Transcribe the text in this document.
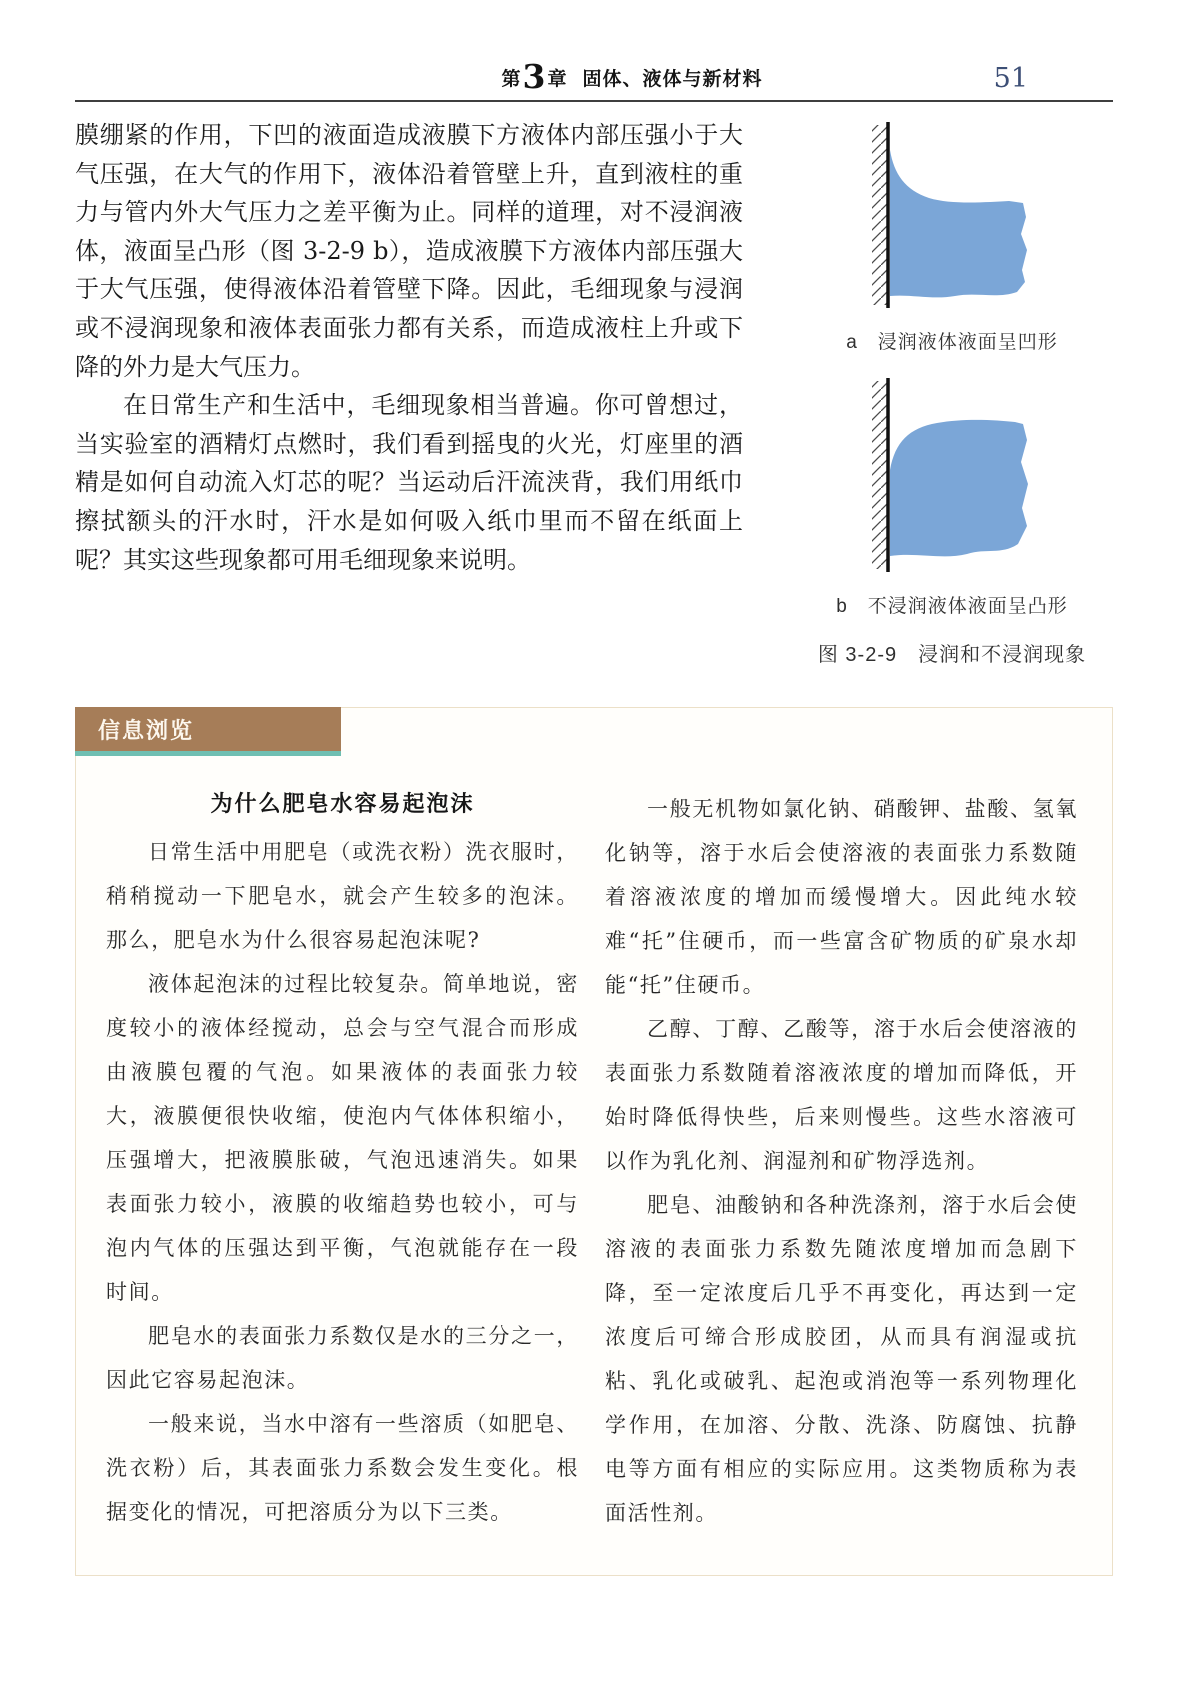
第3 章 固体、液体与新材料	51

膜绷紧的作用，下凹的液面造成液膜下方液体内部压强小于大气压强，在大气的作用下，液体沿着管壁上升，直到液柱的重力与管内外大气压力之差平衡为止。同样的道理，对不浸润液体，液面呈凸形（图 3-2-9 b），造成液膜下方液体内部压强大于大气压强，使得液体沿着管壁下降。因此，毛细现象与浸润或不浸润现象和液体表面张力都有关系，而造成液柱上升或下降的外力是大气压力。

在日常生产和生活中，毛细现象相当普遍。你可曾想过，当实验室的酒精灯点燃时，我们看到摇曳的火光，灯座里的酒精是如何自动流入灯芯的呢？当运动后汗流浃背，我们用纸巾擦拭额头的汗水时，汗水是如何吸入纸巾里而不留在纸面上呢？其实这些现象都可用毛细现象来说明。

a 浸润液体液面呈凹形
b 不浸润液体液面呈凸形
图 3-2-9　浸润和不浸润现象
信息浏览
为什么肥皂水容易起泡沫

日常生活中用肥皂（或洗衣粉）洗衣服时，稍稍搅动一下肥皂水，就会产生较多的泡沫。那么，肥皂水为什么很容易起泡沫呢?

液体起泡沫的过程比较复杂。简单地说，密度较小的液体经搅动，总会与空气混合而形成由液膜包覆的气泡。如果液体的表面张力较大，液膜便很快收缩，使泡内气体体积缩小，压强增大，把液膜胀破，气泡迅速消失。如果表面张力较小，液膜的收缩趋势也较小，可与泡内气体的压强达到平衡，气泡就能存在一段时间。

肥皂水的表面张力系数仅是水的三分之一，因此它容易起泡沫。

一般来说，当水中溶有一些溶质（如肥皂、洗衣粉）后，其表面张力系数会发生变化。根据变化的情况，可把溶质分为以下三类。

一般无机物如氯化钠、硝酸钾、盐酸、氢氧化钠等，溶于水后会使溶液的表面张力系数随着溶液浓度的增加而缓慢增大。因此纯水较难“托”住硬币，而一些富含矿物质的矿泉水却能“托”住硬币。

乙醇、丁醇、乙酸等，溶于水后会使溶液的表面张力系数随着溶液浓度的增加而降低，开始时降低得快些，后来则慢些。这些水溶液可以作为乳化剂、润湿剂和矿物浮选剂。

肥皂、油酸钠和各种洗涤剂，溶于水后会使溶液的表面张力系数先随浓度增加而急剧下降，至一定浓度后几乎不再变化，再达到一定浓度后可缔合形成胶团，从而具有润湿或抗粘、乳化或破乳、起泡或消泡等一系列物理化学作用，在加溶、分散、洗涤、防腐蚀、抗静电等方面有相应的实际应用。这类物质称为表面活性剂。
